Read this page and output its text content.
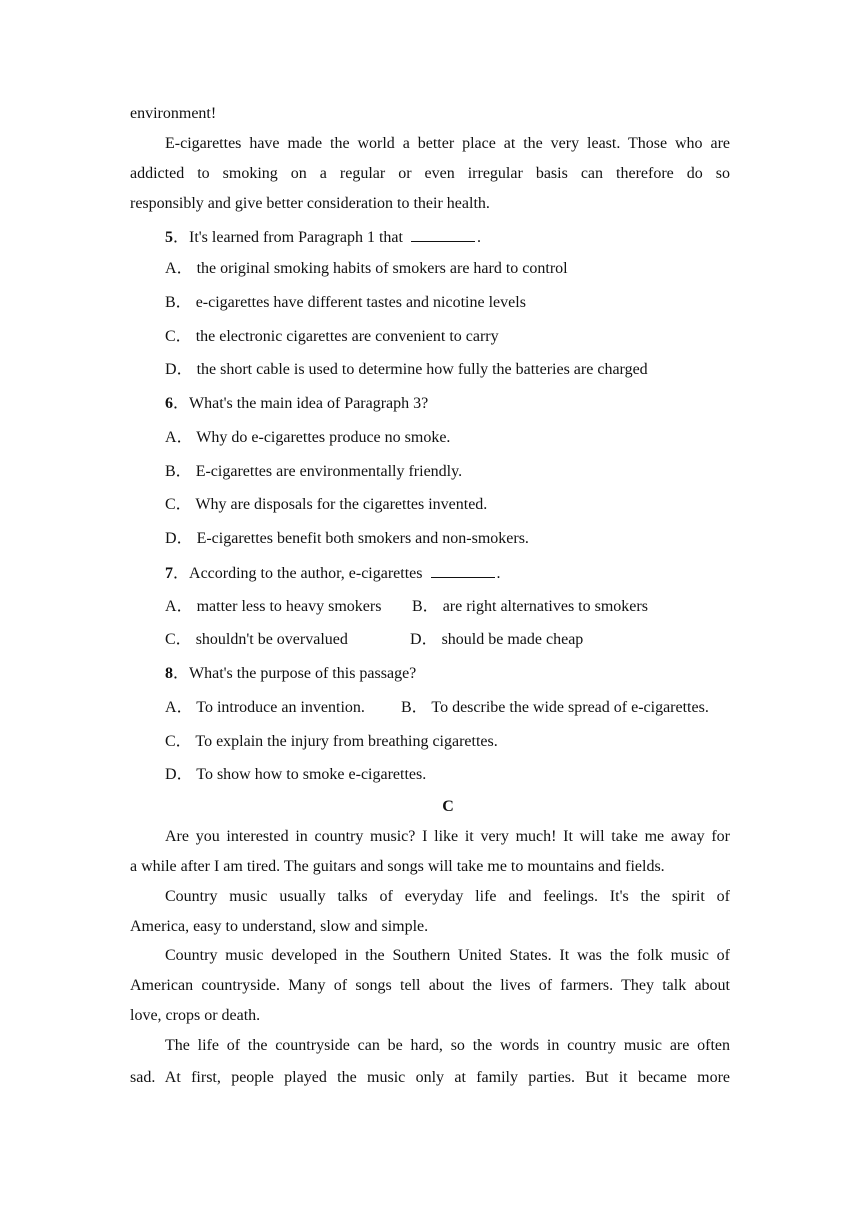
environment!
E-cigarettes have made the world a better place at the very least. Those who are
addicted to smoking on a regular or even irregular basis can therefore do so
responsibly and give better consideration to their health.
5．It's learned from Paragraph 1 that	.
A． the original smoking habits of smokers are hard to control
B． e-cigarettes have different tastes and nicotine levels
C． the electronic cigarettes are convenient to carry
D． the short cable is used to determine how fully the batteries are charged
6．What's the main idea of Paragraph 3?
A． Why do e-cigarettes produce no smoke.
B． E-cigarettes are environmentally friendly.
C． Why are disposals for the cigarettes invented.
D． E-cigarettes benefit both smokers and non-smokers.
7．According to the author, e-cigarettes	.
A． matter less to heavy smokers B． are right alternatives to smokers
C． shouldn't be overvalued	D． should be made cheap
8．What's the purpose of this passage?
A． To introduce an invention. B． To describe the wide spread of e-cigarettes.
C． To explain the injury from breathing cigarettes.
D． To show how to smoke e-cigarettes.
C
Are you interested in country music? I like it very much! It will take me away for
a while after I am tired. The guitars and songs will take me to mountains and fields.
Country music usually talks of everyday life and feelings. It's the spirit of
America, easy to understand, slow and simple.
Country music developed in the Southern United States. It was the folk music of
American countryside. Many of songs tell about the lives of farmers. They talk about
love, crops or death.
The life of the countryside can be hard, so the words in country music are often
sad. At first, people played the music only at family parties. But it became more
